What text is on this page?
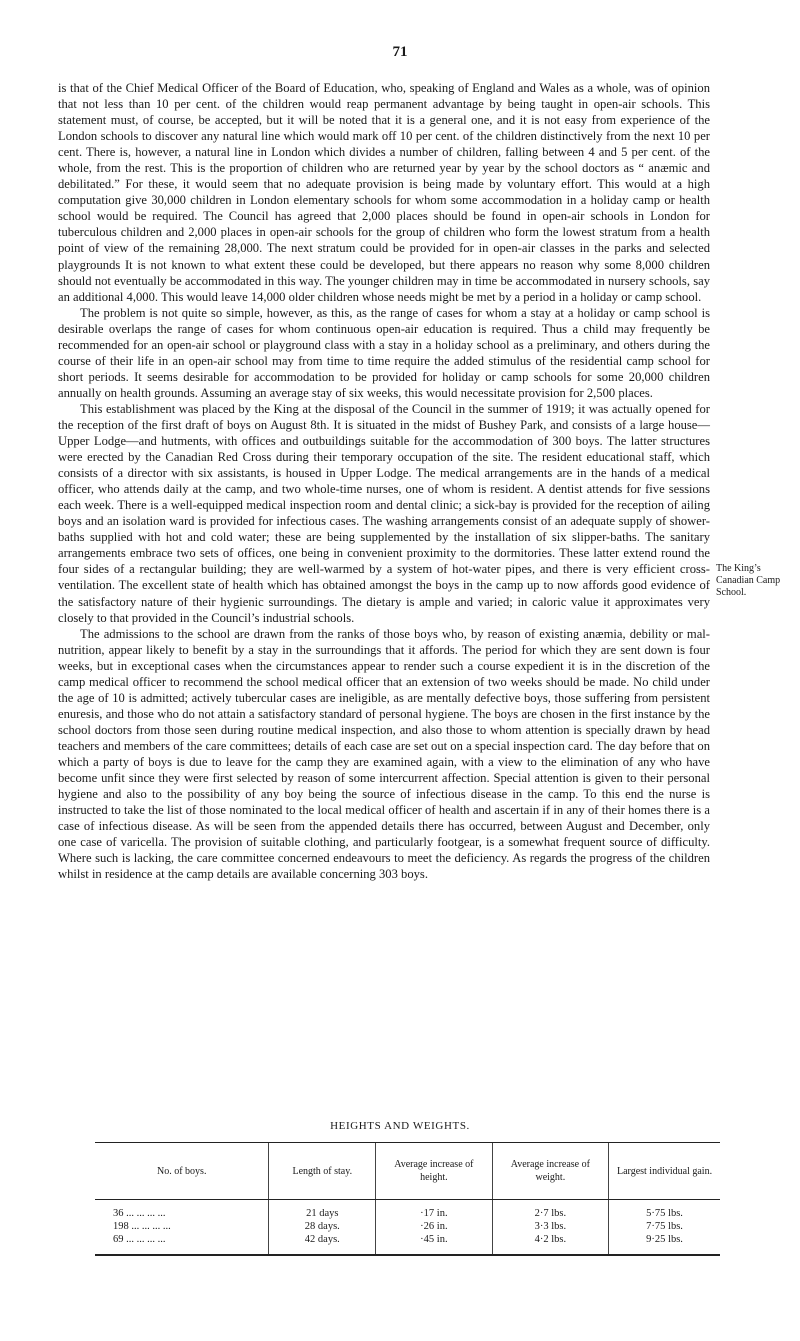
71

is that of the Chief Medical Officer of the Board of Education, who, speaking of England and Wales as a whole, was of opinion that not less than 10 per cent. of the children would reap permanent advantage by being taught in open-air schools. This statement must, of course, be accepted, but it will be noted that it is a general one, and it is not easy from experience of the London schools to discover any natural line which would mark off 10 per cent. of the children distinctively from the next 10 per cent. There is, however, a natural line in London which divides a number of children, falling between 4 and 5 per cent. of the whole, from the rest. This is the proportion of children who are returned year by year by the school doctors as “ anæmic and debilitated.” For these, it would seem that no adequate provision is being made by voluntary effort. This would at a high computation give 30,000 children in London elementary schools for whom some accommodation in a holiday camp or health school would be required. The Council has agreed that 2,000 places should be found in open-air schools in London for tuberculous children and 2,000 places in open-air schools for the group of children who form the lowest stratum from a health point of view of the remaining 28,000. The next stratum could be provided for in open-air classes in the parks and selected playgrounds It is not known to what extent these could be developed, but there appears no reason why some 8,000 children should not eventually be accommodated in this way. The younger children may in time be accommodated in nursery schools, say an additional 4,000. This would leave 14,000 older children whose needs might be met by a period in a holiday or camp school.

The problem is not quite so simple, however, as this, as the range of cases for whom a stay at a holiday or camp school is desirable overlaps the range of cases for whom continuous open-air education is required. Thus a child may frequently be recommended for an open-air school or playground class with a stay in a holiday school as a preliminary, and others during the course of their life in an open-air school may from time to time require the added stimulus of the residential camp school for short periods. It seems desirable for accommodation to be provided for holiday or camp schools for some 20,000 children annually on health grounds. Assuming an average stay of six weeks, this would necessitate provision for 2,500 places.

This establishment was placed by the King at the disposal of the Council in the summer of 1919; it was actually opened for the reception of the first draft of boys on August 8th. It is situated in the midst of Bushey Park, and consists of a large house—Upper Lodge—and hutments, with offices and outbuildings suitable for the accommodation of 300 boys. The latter structures were erected by the Canadian Red Cross during their temporary occupation of the site. The resident educational staff, which consists of a director with six assistants, is housed in Upper Lodge. The medical arrangements are in the hands of a medical officer, who attends daily at the camp, and two whole-time nurses, one of whom is resident. A dentist attends for five sessions each week. There is a well-equipped medical inspection room and dental clinic; a sick-bay is provided for the reception of ailing boys and an isolation ward is provided for infectious cases. The washing arrangements consist of an adequate supply of shower-baths supplied with hot and cold water; these are being supplemented by the installation of six slipper-baths. The sanitary arrangements embrace two sets of offices, one being in convenient proximity to the dormitories. These latter extend round the four sides of a rectangular building; they are well-warmed by a system of hot-water pipes, and there is very efficient cross-ventilation. The excellent state of health which has obtained amongst the boys in the camp up to now affords good evidence of the satisfactory nature of their hygienic surroundings. The dietary is ample and varied; in caloric value it approximates very closely to that provided in the Council’s industrial schools.

The admissions to the school are drawn from the ranks of those boys who, by reason of existing anæmia, debility or mal-nutrition, appear likely to benefit by a stay in the surroundings that it affords. The period for which they are sent down is four weeks, but in exceptional cases when the circumstances appear to render such a course expedient it is in the discretion of the camp medical officer to recommend the school medical officer that an extension of two weeks should be made. No child under the age of 10 is admitted; actively tubercular cases are ineligible, as are mentally defective boys, those suffering from persistent enuresis, and those who do not attain a satisfactory standard of personal hygiene. The boys are chosen in the first instance by the school doctors from those seen during routine medical inspection, and also those to whom attention is specially drawn by head teachers and members of the care committees; details of each case are set out on a special inspection card. The day before that on which a party of boys is due to leave for the camp they are examined again, with a view to the elimination of any who have become unfit since they were first selected by reason of some intercurrent affection. Special attention is given to their personal hygiene and also to the possibility of any boy being the source of infectious disease in the camp. To this end the nurse is instructed to take the list of those nominated to the local medical officer of health and ascertain if in any of their homes there is a case of infectious disease. As will be seen from the appended details there has occurred, between August and December, only one case of varicella. The provision of suitable clothing, and particularly footgear, is a somewhat frequent source of difficulty. Where such is lacking, the care committee concerned endeavours to meet the deficiency. As regards the progress of the children whilst in residence at the camp details are available concerning 303 boys.

The King’s Canadian Camp School.
HEIGHTS AND WEIGHTS.
No. of boys.	Length of stay.	Average increase of height.	Average increase of weight.	Largest individual gain.
36 ... ... ... ...	21 days	·17 in.	2·7 lbs.	5·75 lbs.
198 ... ... ... ...	28 days.	·26 in.	3·3 lbs.	7·75 lbs.
69 ... ... ... ...	42 days.	·45 in.	4·2 lbs.	9·25 lbs.
